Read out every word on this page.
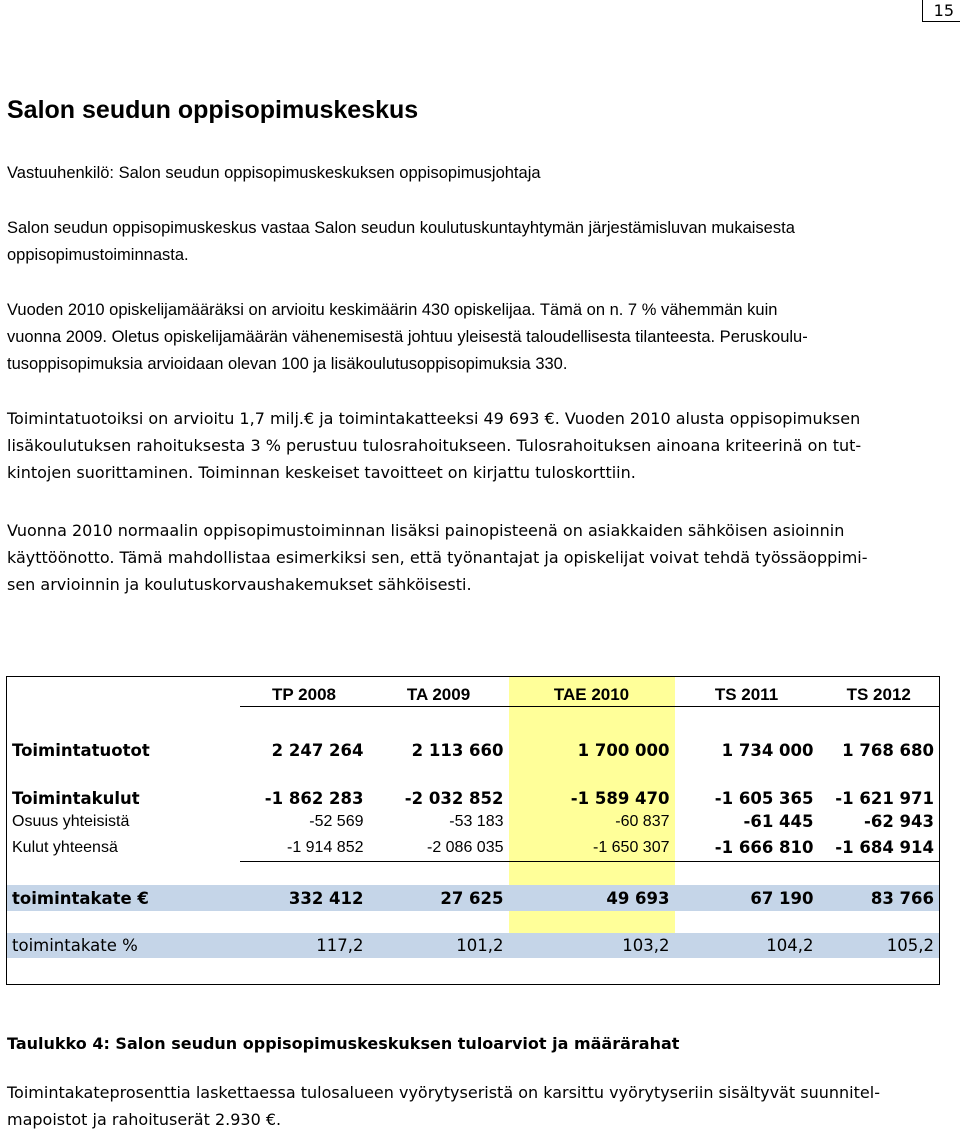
15
Salon seudun oppisopimuskeskus

Vastuuhenkilö: Salon seudun oppisopimuskeskuksen oppisopimusjohtaja

Salon seudun oppisopimuskeskus vastaa Salon seudun koulutuskuntayhtymän järjestämisluvan mukaisesta
oppisopimustoiminnasta.

Vuoden 2010 opiskelijamääräksi on arvioitu keskimäärin 430 opiskelijaa. Tämä on n. 7 % vähemmän kuin
vuonna 2009. Oletus opiskelijamäärän vähenemisestä johtuu yleisestä taloudellisesta tilanteesta. Peruskoulu-
tusoppisopimuksia arvioidaan olevan 100 ja lisäkoulutusoppisopimuksia 330.

Toimintatuotoiksi on arvioitu 1,7 milj.€ ja toimintakatteeksi 49 693 €. Vuoden 2010 alusta oppisopimuksen
lisäkoulutuksen rahoituksesta 3 % perustuu tulosrahoitukseen. Tulosrahoituksen ainoana kriteerinä on tut-
kintojen suorittaminen. Toiminnan keskeiset tavoitteet on kirjattu tuloskorttiin.

Vuonna 2010 normaalin oppisopimustoiminnan lisäksi painopisteenä on asiakkaiden sähköisen asioinnin
käyttöönotto. Tämä mahdollistaa esimerkiksi sen, että työnantajat ja opiskelijat voivat tehdä työssäoppimi-
sen arvioinnin ja koulutuskorvaushakemukset sähköisesti.

	TP 2008	TA 2009	TAE 2010	TS 2011	TS 2012
Toimintatuotot	2 247 264	2 113 660	1 700 000	1 734 000	1 768 680
Toimintakulut	-1 862 283	-2 032 852	-1 589 470	-1 605 365	-1 621 971
Osuus yhteisistä	-52 569	-53 183	-60 837	-61 445	-62 943
Kulut yhteensä	-1 914 852	-2 086 035	-1 650 307	-1 666 810	-1 684 914

toimintakate €	332 412	27 625	49 693	67 190	83 766

toimintakate %	117,2	101,2	103,2	104,2	105,2

Taulukko 4: Salon seudun oppisopimuskeskuksen tuloarviot ja määrärahat

Toimintakateprosenttia laskettaessa tulosalueen vyörytyseristä on karsittu vyörytyseriin sisältyvät suunnitel-
mapoistot ja rahoituserät 2.930 €.
